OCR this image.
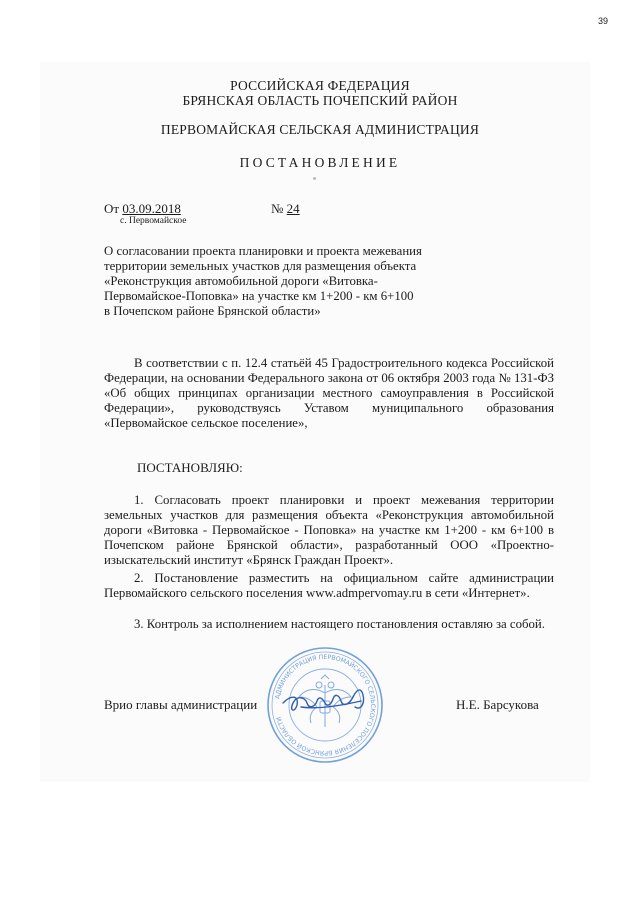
39
РОССИЙСКАЯ ФЕДЕРАЦИЯ
БРЯНСКАЯ ОБЛАСТЬ ПОЧЕПСКИЙ РАЙОН
ПЕРВОМАЙСКАЯ СЕЛЬСКАЯ АДМИНИСТРАЦИЯ
ПОСТАНОВЛЕНИЕ
От 03.09.2018	№ 24
с. Первомайское
О согласовании проекта планировки и проекта межевания
территории земельных участков для размещения объекта
«Реконструкция автомобильной дороги «Витовка-
Первомайское-Поповка» на участке км 1+200 - км 6+100
в Почепском районе Брянской области»
В соответствии с п. 12.4 статьёй 45 Градостроительного кодекса Российской Федерации, на основании Федерального закона от 06 октября 2003 года № 131-ФЗ «Об общих принципах организации местного самоуправления в Российской Федерации», руководствуясь Уставом муниципального образования «Первомайское сельское поселение»,
ПОСТАНОВЛЯЮ:
1. Согласовать проект планировки и проект межевания территории земельных участков для размещения объекта «Реконструкция автомобильной дороги «Витовка - Первомайское - Поповка» на участке км 1+200 - км 6+100 в Почепском районе Брянской области», разработанный ООО «Проектно-изыскательский институт «Брянск Граждан Проект».
2. Постановление разместить на официальном сайте администрации Первомайского сельского поселения www.admpervomay.ru в сети «Интернет».
3. Контроль за исполнением настоящего постановления оставляю за собой.
Врио главы администрации	Н.Е. Барсукова
АДМИНИСТРАЦИЯ ПЕРВОМАЙСКОГО СЕЛЬСКОГО ПОСЕЛЕНИЯ БРЯНСКОЙ ОБЛАСТИ
